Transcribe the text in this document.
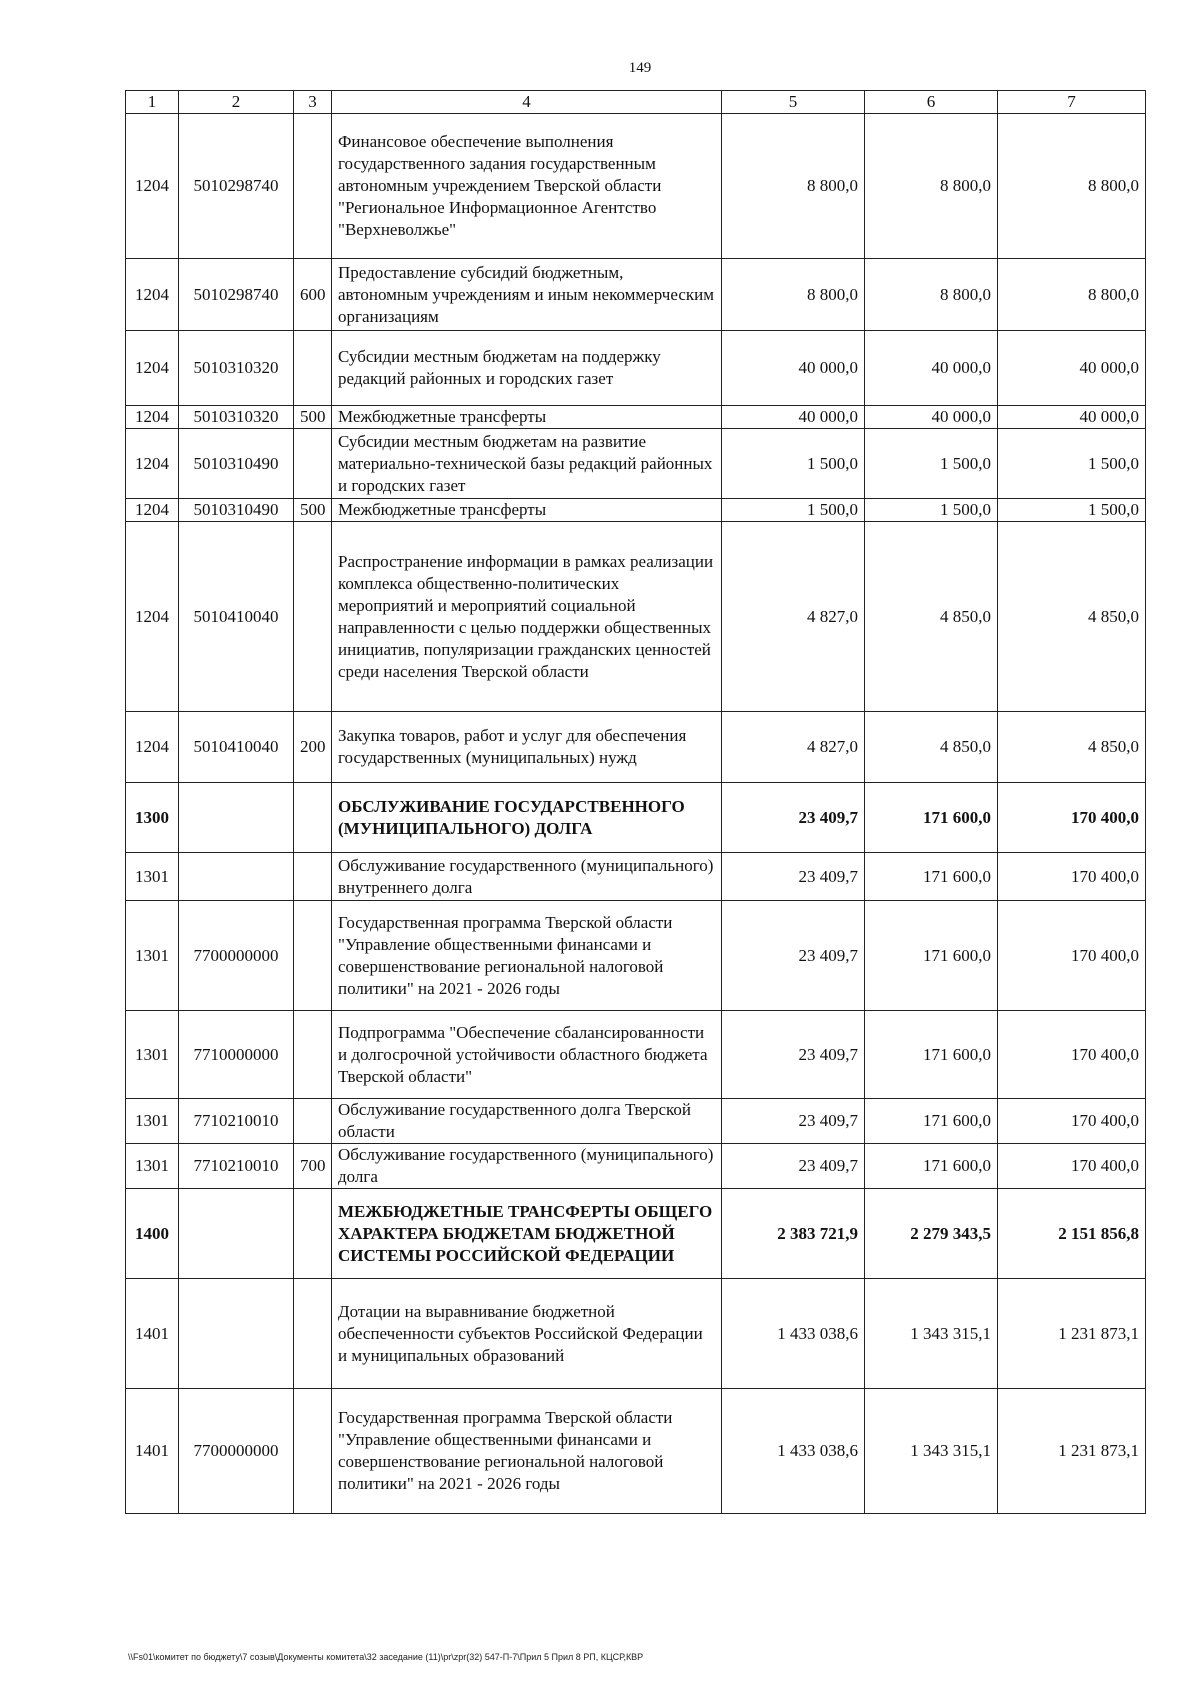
149
1	2	3	4	5	6	7
1204	5010298740		Финансовое обеспечение выполнения государственного задания государственным автономным учреждением Тверской области "Региональное Информационное Агентство "Верхневолжье"	8 800,0	8 800,0	8 800,0
1204	5010298740	600	Предоставление субсидий бюджетным, автономным учреждениям и иным некоммерческим организациям	8 800,0	8 800,0	8 800,0
1204	5010310320		Субсидии местным бюджетам на поддержку редакций районных и городских газет	40 000,0	40 000,0	40 000,0
1204	5010310320	500	Межбюджетные трансферты	40 000,0	40 000,0	40 000,0
1204	5010310490		Субсидии местным бюджетам на развитие материально-технической базы редакций районных и городских газет	1 500,0	1 500,0	1 500,0
1204	5010310490	500	Межбюджетные трансферты	1 500,0	1 500,0	1 500,0
1204	5010410040		Распространение информации в рамках реализации комплекса общественно-политических мероприятий и мероприятий социальной направленности с целью поддержки общественных инициатив, популяризации гражданских ценностей среди населения Тверской области	4 827,0	4 850,0	4 850,0
1204	5010410040	200	Закупка товаров, работ и услуг для обеспечения государственных (муниципальных) нужд	4 827,0	4 850,0	4 850,0
1300			ОБСЛУЖИВАНИЕ ГОСУДАРСТВЕННОГО (МУНИЦИПАЛЬНОГО) ДОЛГА	23 409,7	171 600,0	170 400,0
1301			Обслуживание государственного (муниципального) внутреннего долга	23 409,7	171 600,0	170 400,0
1301	7700000000		Государственная программа Тверской области "Управление общественными финансами и совершенствование региональной налоговой политики" на 2021 - 2026 годы	23 409,7	171 600,0	170 400,0
1301	7710000000		Подпрограмма "Обеспечение сбалансированности и долгосрочной устойчивости областного бюджета Тверской области"	23 409,7	171 600,0	170 400,0
1301	7710210010		Обслуживание государственного долга Тверской области	23 409,7	171 600,0	170 400,0
1301	7710210010	700	Обслуживание государственного (муниципального) долга	23 409,7	171 600,0	170 400,0
1400			МЕЖБЮДЖЕТНЫЕ ТРАНСФЕРТЫ ОБЩЕГО ХАРАКТЕРА БЮДЖЕТАМ БЮДЖЕТНОЙ СИСТЕМЫ РОССИЙСКОЙ ФЕДЕРАЦИИ	2 383 721,9	2 279 343,5	2 151 856,8
1401			Дотации на выравнивание бюджетной обеспеченности субъектов Российской Федерации и муниципальных образований	1 433 038,6	1 343 315,1	1 231 873,1
1401	7700000000		Государственная программа Тверской области "Управление общественными финансами и совершенствование региональной налоговой политики" на 2021 - 2026 годы	1 433 038,6	1 343 315,1	1 231 873,1
\\Fs01\комитет по бюджету\7 созыв\Документы комитета\32 заседание (11)\pr\zpr(32) 547-П-7\Прил 5 Прил 8 РП, КЦСР,КВР
